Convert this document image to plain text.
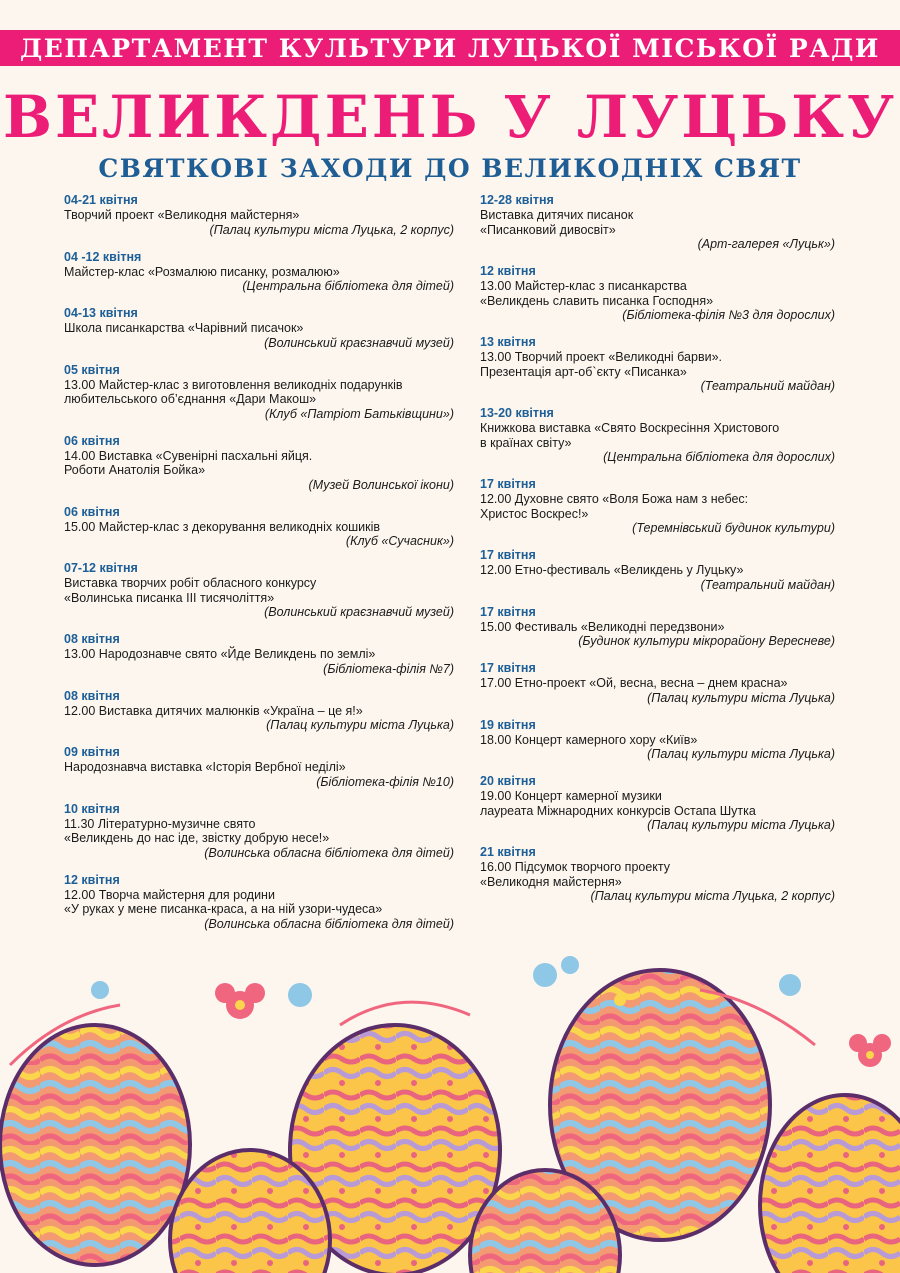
ДЕПАРТАМЕНТ КУЛЬТУРИ ЛУЦЬКОЇ МІСЬКОЇ РАДИ
ВЕЛИКДЕНЬ У ЛУЦЬКУ
СВЯТКОВІ ЗАХОДИ ДО ВЕЛИКОДНІХ СВЯТ
04-21 квітня
Творчий проект «Великодня майстерня»
(Палац культури міста Луцька, 2 корпус)
04 -12 квітня
Майстер-клас «Розмалюю писанку, розмалюю»
(Центральна бібліотека для дітей)
04-13 квітня
Школа писанкарства «Чарівний писачок»
(Волинський краєзнавчий музей)
05 квітня
13.00 Майстер-клас з виготовлення великодніх подарунків
любительського об’єднання «Дари Макош»
(Клуб «Патріот Батьківщини»)
06 квітня
14.00 Виставка «Сувенірні пасхальні яйця.
Роботи Анатолія Бойка»
(Музей Волинської ікони)
06 квітня
15.00 Майстер-клас з декорування великодніх кошиків
(Клуб «Сучасник»)
07-12 квітня
Виставка творчих робіт обласного конкурсу
«Волинська писанка ІІІ тисячоліття»
(Волинський краєзнавчий музей)
08 квітня
13.00 Народознавче свято «Йде Великдень по землі»
(Бібліотека-філія №7)
08 квітня
12.00 Виставка дитячих малюнків «Україна – це я!»
(Палац культури міста Луцька)
09 квітня
Народознавча виставка «Історія Вербної неділі»
(Бібліотека-філія №10)
10 квітня
11.30 Літературно-музичне свято
«Великдень до нас іде, звістку добрую несе!»
(Волинська обласна бібліотека для дітей)
12 квітня
12.00 Творча майстерня для родини
«У руках у мене писанка-краса, а на ній узори-чудеса»
(Волинська обласна бібліотека для дітей)
12-28 квітня
Виставка дитячих писанок
«Писанковий дивосвіт»
(Арт-галерея «Луцьк»)
12 квітня
13.00 Майстер-клас з писанкарства
«Великдень славить писанка Господня»
(Бібліотека-філія №3 для дорослих)
13 квітня
13.00 Творчий проект «Великодні барви».
Презентація арт-об`єкту «Писанка»
(Театральний майдан)
13-20 квітня
Книжкова виставка «Свято Воскресіння Христового
в країнах світу»
(Центральна бібліотека для дорослих)
17 квітня
12.00 Духовне свято «Воля Божа нам з небес:
Христос Воскрес!»
(Теремнівський будинок культури)
17 квітня
12.00 Етно-фестиваль «Великдень у Луцьку»
(Театральний майдан)
17 квітня
15.00 Фестиваль «Великодні передзвони»
(Будинок культури мікрорайону Вересневе)
17 квітня
17.00 Етно-проект «Ой, весна, весна – днем красна»
(Палац культури міста Луцька)
19 квітня
18.00 Концерт камерного хору «Київ»
(Палац культури міста Луцька)
20 квітня
19.00 Концерт камерної музики
лауреата Міжнародних конкурсів Остапа Шутка
(Палац культури міста Луцька)
21 квітня
16.00 Підсумок творчого проекту
«Великодня майстерня»
(Палац культури міста Луцька, 2 корпус)
